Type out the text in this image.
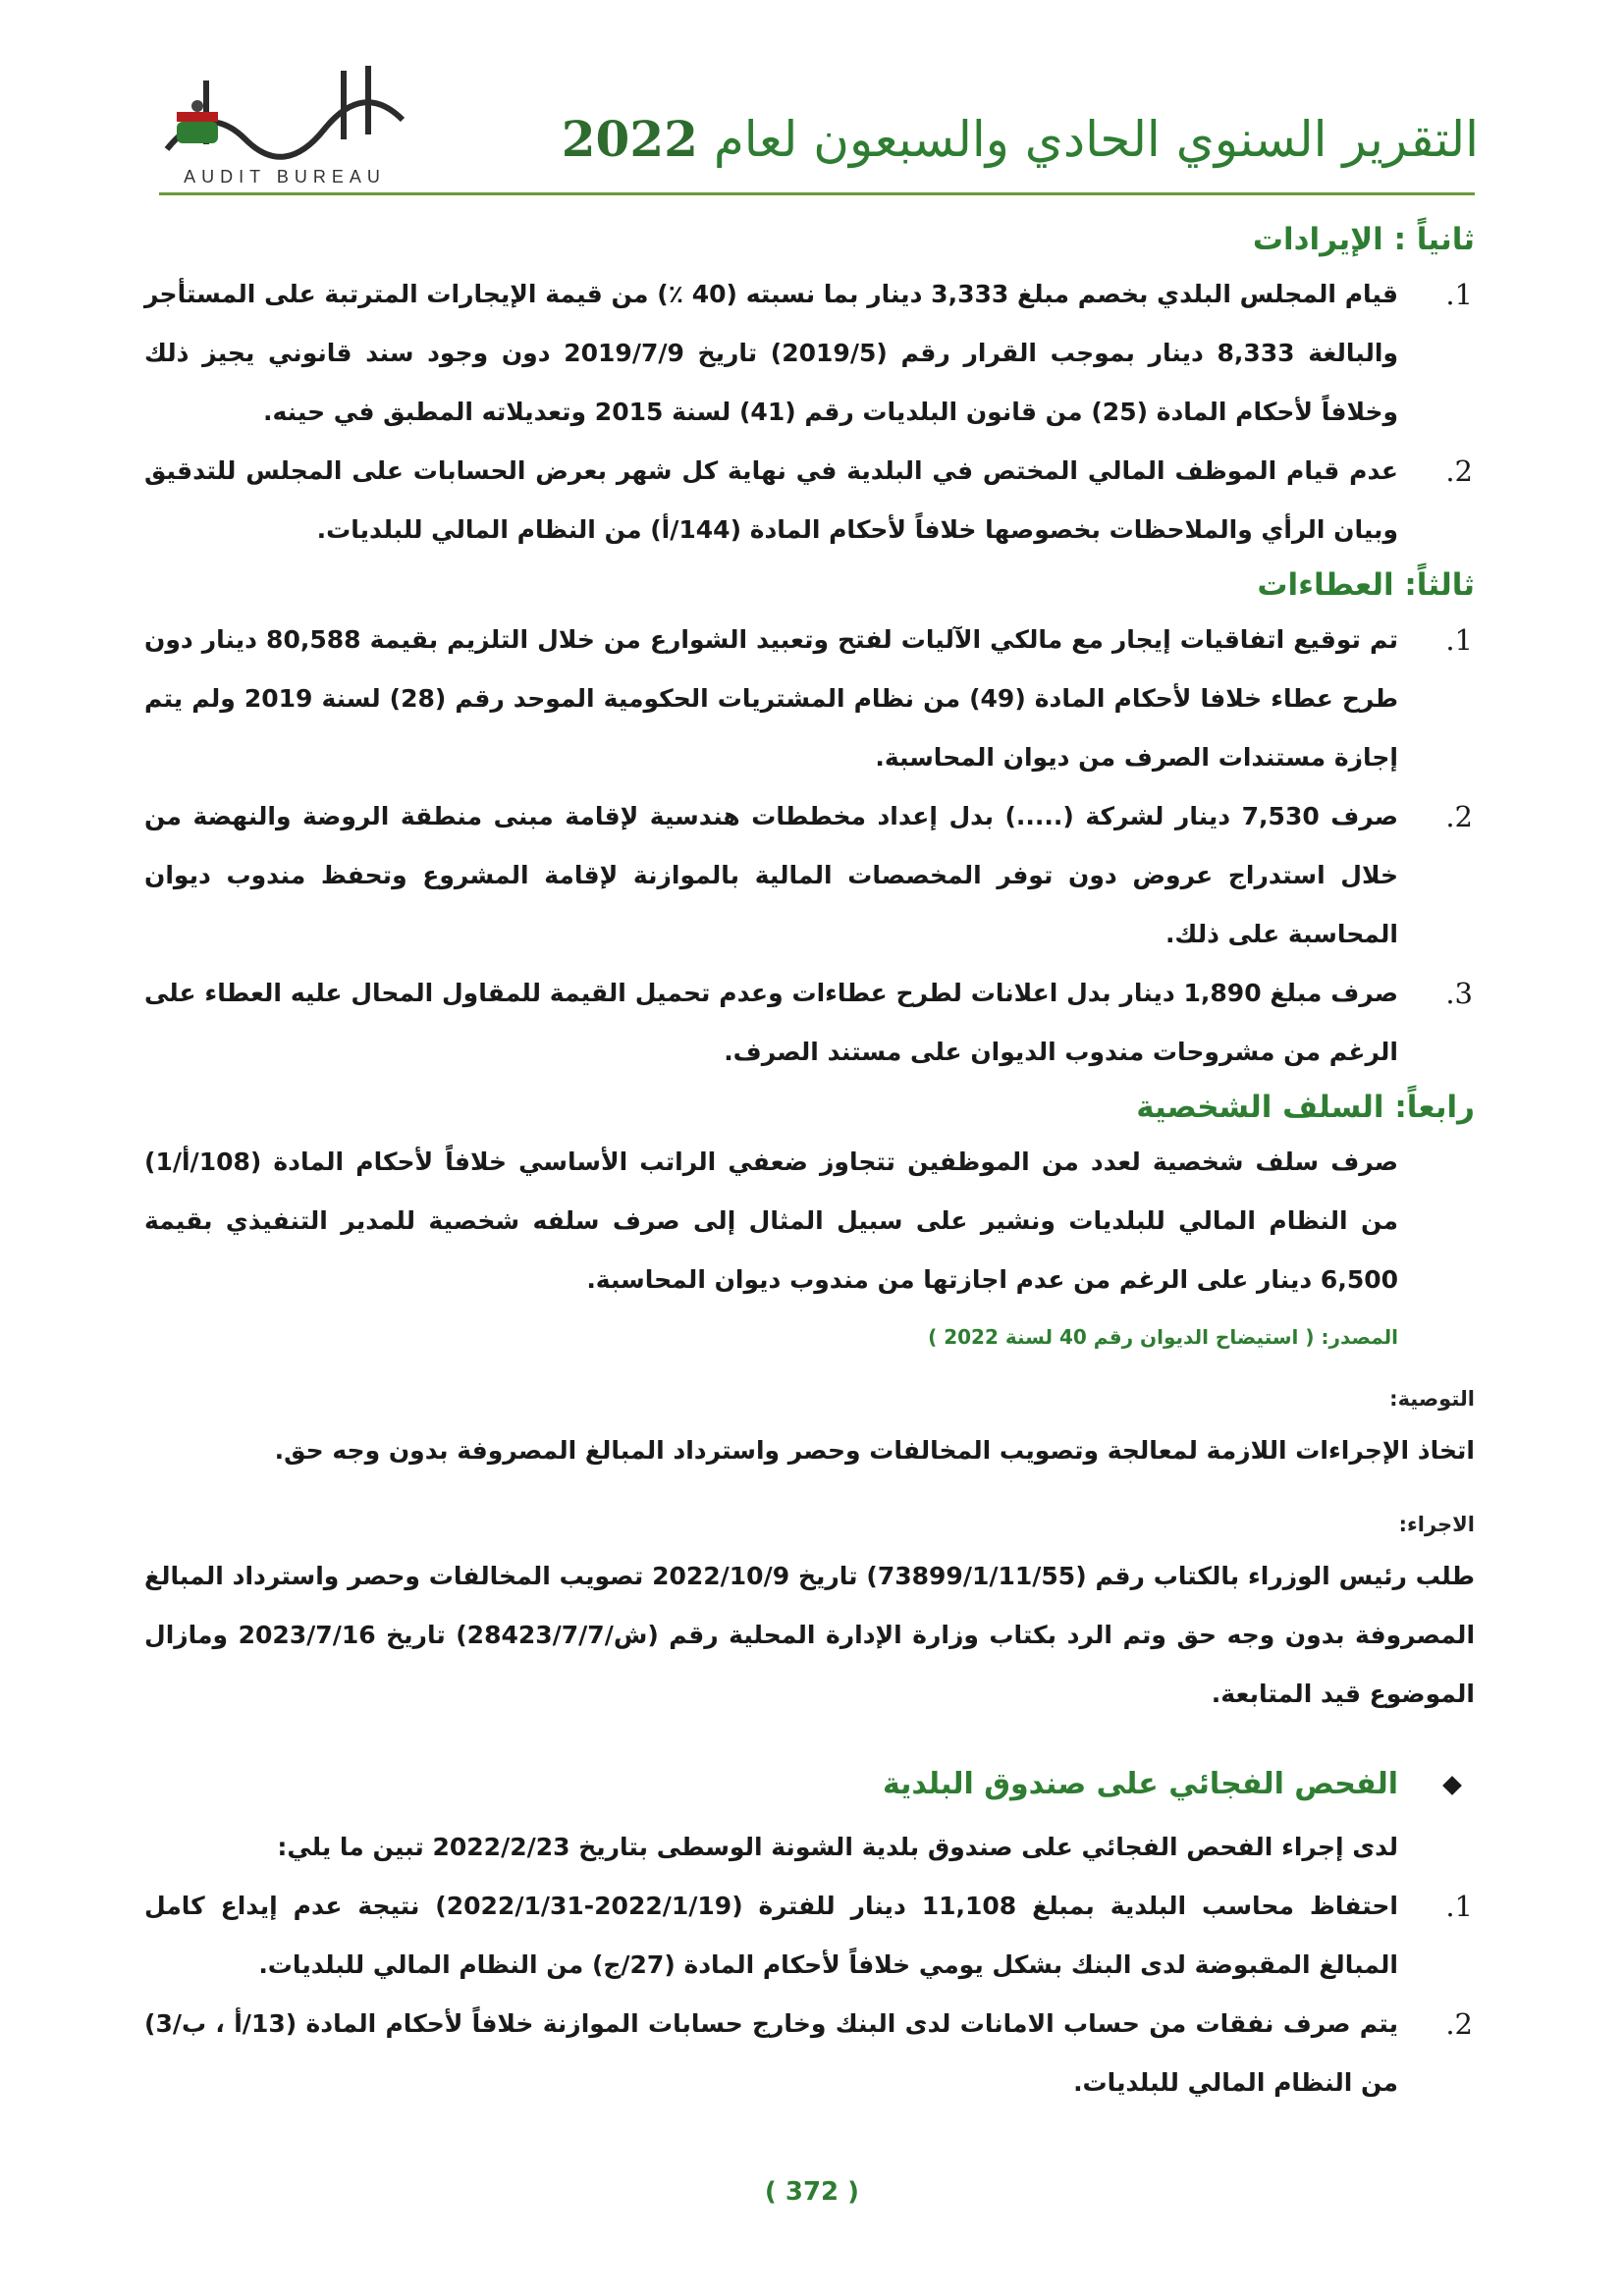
التقرير السنوي الحادي والسبعون لعام 2022
AUDIT BUREAU
ثانياً : الإيرادات
1.
قيام المجلس البلدي بخصم مبلغ 3,333 دينار بما نسبته (40 ٪) من قيمة الإيجارات المترتبة على المستأجر والبالغة 8,333 دينار بموجب القرار رقم (2019/5) تاريخ 2019/7/9 دون وجود سند قانوني يجيز ذلك وخلافاً لأحكام المادة (25) من قانون البلديات رقم (41) لسنة 2015 وتعديلاته المطبق في حينه.
2.
عدم قيام الموظف المالي المختص في البلدية في نهاية كل شهر بعرض الحسابات على المجلس للتدقيق وبيان الرأي والملاحظات بخصوصها خلافاً لأحكام المادة (144/أ) من النظام المالي للبلديات.
ثالثاً: العطاءات
1.
تم توقيع اتفاقيات إيجار مع مالكي الآليات لفتح وتعبيد الشوارع من خلال التلزيم بقيمة 80,588 دينار دون طرح عطاء خلافا لأحكام المادة (49) من نظام المشتريات الحكومية الموحد رقم (28) لسنة 2019 ولم يتم إجازة مستندات الصرف من ديوان المحاسبة.
2.
صرف 7,530 دينار لشركة (.....) بدل إعداد مخططات هندسية لإقامة مبنى منطقة الروضة والنهضة من خلال استدراج عروض دون توفر المخصصات المالية بالموازنة لإقامة المشروع وتحفظ مندوب ديوان المحاسبة على ذلك.
3.
صرف مبلغ 1,890 دينار بدل اعلانات لطرح عطاءات وعدم تحميل القيمة للمقاول المحال عليه العطاء على الرغم من مشروحات مندوب الديوان على مستند الصرف.
رابعاً: السلف الشخصية

صرف سلف شخصية لعدد من الموظفين تتجاوز ضعفي الراتب الأساسي خلافاً لأحكام المادة (108/أ/1) من النظام المالي للبلديات ونشير على سبيل المثال إلى صرف سلفه شخصية للمدير التنفيذي بقيمة 6,500 دينار على الرغم من عدم اجازتها من مندوب ديوان المحاسبة.

المصدر: ( استيضاح الديوان رقم 40 لسنة 2022 )
التوصية:

اتخاذ الإجراءات اللازمة لمعالجة وتصويب المخالفات وحصر واسترداد المبالغ المصروفة بدون وجه حق.

الاجراء:

طلب رئيس الوزراء بالكتاب رقم (73899/1/11/55) تاريخ 2022/10/9 تصويب المخالفات وحصر واسترداد المبالغ المصروفة بدون وجه حق وتم الرد بكتاب وزارة الإدارة المحلية رقم (ش/28423/7/7) تاريخ 2023/7/16 ومازال الموضوع قيد المتابعة.

الفحص الفجائي على صندوق البلدية

لدى إجراء الفحص الفجائي على صندوق بلدية الشونة الوسطى بتاريخ 2022/2/23 تبين ما يلي:

1.
احتفاظ محاسب البلدية بمبلغ 11,108 دينار للفترة (2022/1/19-2022/1/31) نتيجة عدم إيداع كامل المبالغ المقبوضة لدى البنك بشكل يومي خلافاً لأحكام المادة (27/ج) من النظام المالي للبلديات.
2.
يتم صرف نفقات من حساب الامانات لدى البنك وخارج حسابات الموازنة خلافاً لأحكام المادة (13/أ ، ب/3) من النظام المالي للبلديات.
( 372 )
